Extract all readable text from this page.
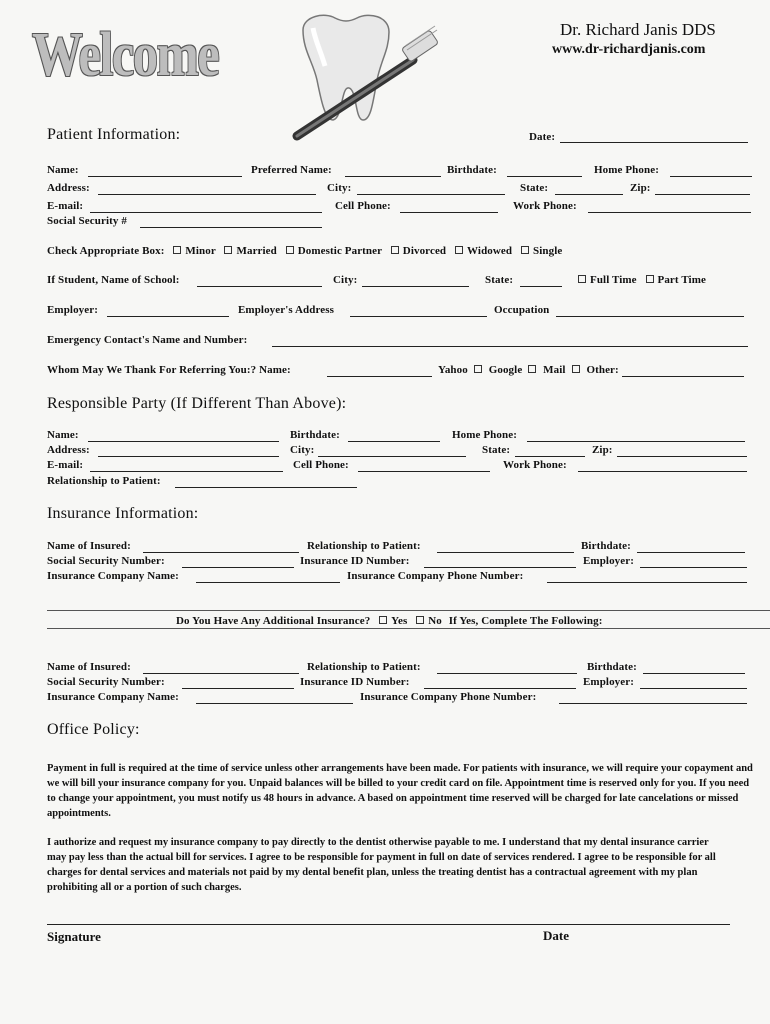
Welcome	Dr. Richard Janis DDS
www.dr-richardjanis.com
Patient Information:	Date:
Name:	Preferred Name:	Birthdate:	Home Phone:
Address:	City:	State:	Zip:
E-mail:	Cell Phone:	Work Phone:
Social Security #
Check Appropriate Box: Minor Married Domestic Partner Divorced Widowed Single
If Student, Name of School:	City:	State:	Full Time Part Time
Employer:	Employer's Address	Occupation
Emergency Contact's Name and Number:
Whom May We Thank For Referring You:? Name:	Yahoo Google Mail Other:
Responsible Party (If Different Than Above):
Name:	Birthdate:	Home Phone:
Address:	City:	State:	Zip:
E-mail:	Cell Phone:	Work Phone:
Relationship to Patient:
Insurance Information:
Name of Insured:	Relationship to Patient:	Birthdate:
Social Security Number:	Insurance ID Number:	Employer:
Insurance Company Name:	Insurance Company Phone Number:
Do You Have Any Additional Insurance? Yes No If Yes, Complete The Following:
Name of Insured:	Relationship to Patient:	Birthdate:
Social Security Number:	Insurance ID Number:	Employer:
Insurance Company Name:	Insurance Company Phone Number:
Office Policy:
Payment in full is required at the time of service unless other arrangements have been made. For patients with insurance, we will require your copayment and we will bill your insurance company for you. Unpaid balances will be billed to your credit card on file. Appointment time is reserved only for you. If you need to change your appointment, you must notify us 48 hours in advance. A based on appointment time reserved will be charged for late cancelations or missed appointments.
I authorize and request my insurance company to pay directly to the dentist otherwise payable to me. I understand that my dental insurance carrier may pay less than the actual bill for services. I agree to be responsible for payment in full on date of services rendered. I agree to be responsible for all charges for dental services and materials not paid by my dental benefit plan, unless the treating dentist has a contractual agreement with my plan prohibiting all or a portion of such charges.
Signature	Date
